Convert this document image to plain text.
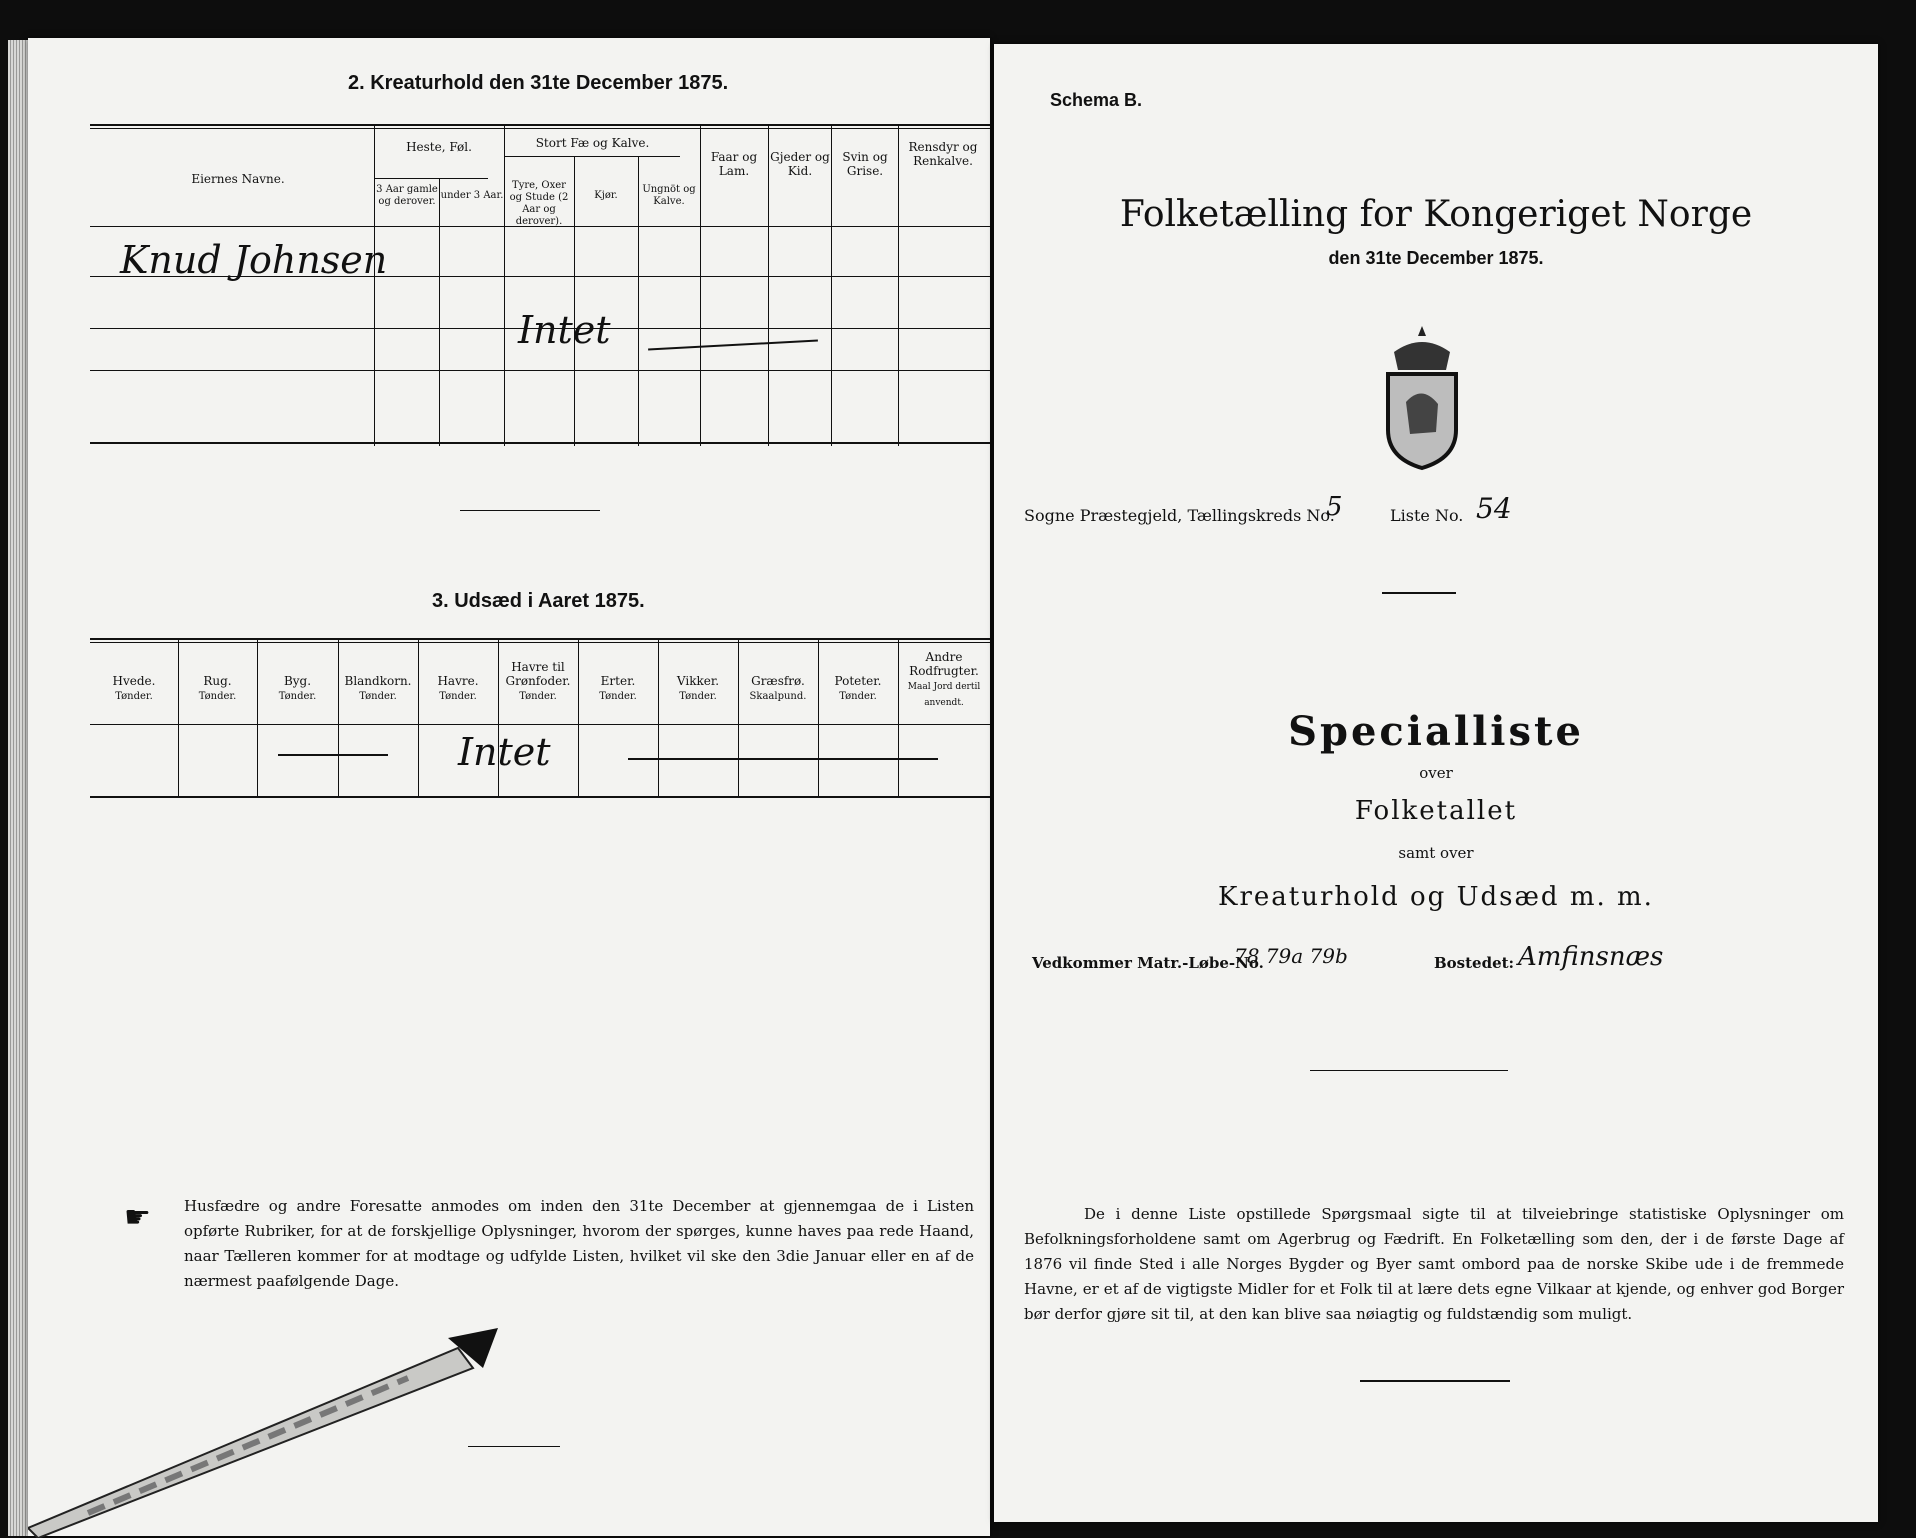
2. Kreaturhold den 31te December 1875.
Eiernes Navne.
Heste, Føl.
3 Aar gamle og derover.
under 3 Aar.
Stort Fæ og Kalve.
Tyre, Oxer og Stude (2 Aar og derover).
Kjør.
Ungnöt og Kalve.
Faar og Lam.
Gjeder og Kid.
Svin og Grise.
Rensdyr og Renkalve.
Knud Johnsen
Intet
3. Udsæd i Aaret 1875.
Hvede.
Tønder.
Rug.
Tønder.
Byg.
Tønder.
Blandkorn.
Tønder.
Havre.
Tønder.
Havre til Grønfoder.
Tønder.
Erter.
Tønder.
Vikker.
Tønder.
Græsfrø.
Skaalpund.
Poteter.
Tønder.
Andre Rodfrugter.
Maal Jord dertil anvendt.
Intet
☛ Husfædre og andre Foresatte anmodes om inden den 31te December at gjennemgaa de i Listen opførte Rubriker, for at de forskjellige Oplysninger, hvorom der spørges, kunne haves paa rede Haand, naar Tælleren kommer for at modtage og udfylde Listen, hvilket vil ske den 3die Januar eller en af de nærmest paafølgende Dage.
Schema B.
Folketælling for Kongeriget Norge
den 31te December 1875.
Sogne Præstegjeld, Tællingskreds No.
5	Liste No. 54
Specialliste
over
Folketallet
samt over
Kreaturhold og Udsæd m. m.
Vedkommer Matr.-Løbe-No.
78 79a 79b	Bostedet: Amfinsnæs
De i denne Liste opstillede Spørgsmaal sigte til at tilveiebringe statistiske Oplysninger om Befolkningsforholdene samt om Agerbrug og Fædrift. En Folketælling som den, der i de første Dage af 1876 vil finde Sted i alle Norges Bygder og Byer samt ombord paa de norske Skibe ude i de fremmede Havne, er et af de vigtigste Midler for et Folk til at lære dets egne Vilkaar at kjende, og enhver god Borger bør derfor gjøre sit til, at den kan blive saa nøiagtig og fuldstændig som muligt.
